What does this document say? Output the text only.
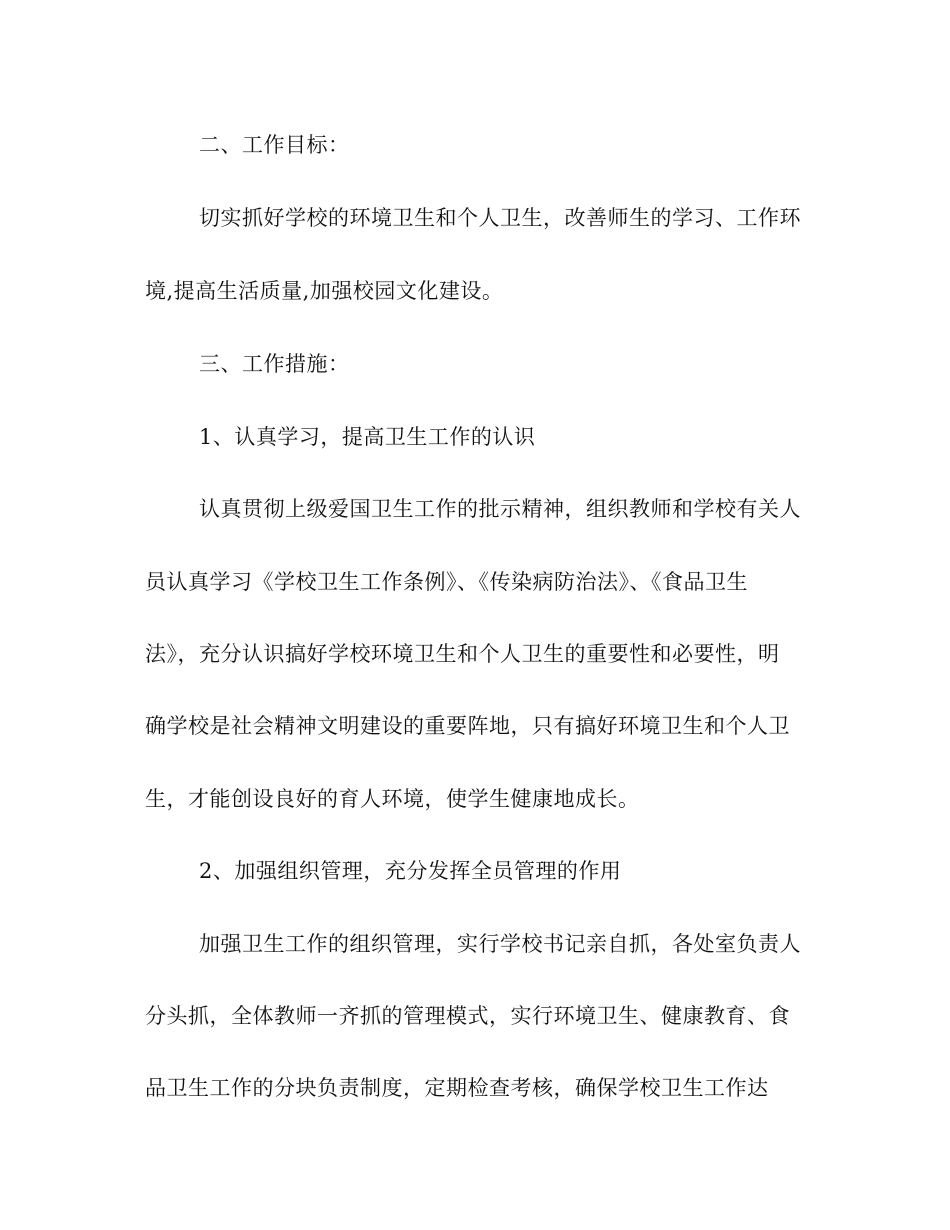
二、工作目标：
切实抓好学校的环境卫生和个人卫生，改善师生的学习、工作环
境,提高生活质量,加强校园文化建设。
三、工作措施：
1、认真学习，提高卫生工作的认识
认真贯彻上级爱国卫生工作的批示精神，组织教师和学校有关人
员认真学习《学校卫生工作条例》、《传染病防治法》、《食品卫生
法》，充分认识搞好学校环境卫生和个人卫生的重要性和必要性，明
确学校是社会精神文明建设的重要阵地，只有搞好环境卫生和个人卫
生，才能创设良好的育人环境，使学生健康地成长。
2、加强组织管理，充分发挥全员管理的作用
加强卫生工作的组织管理，实行学校书记亲自抓，各处室负责人
分头抓，全体教师一齐抓的管理模式，实行环境卫生、健康教育、食
品卫生工作的分块负责制度，定期检查考核，确保学校卫生工作达
